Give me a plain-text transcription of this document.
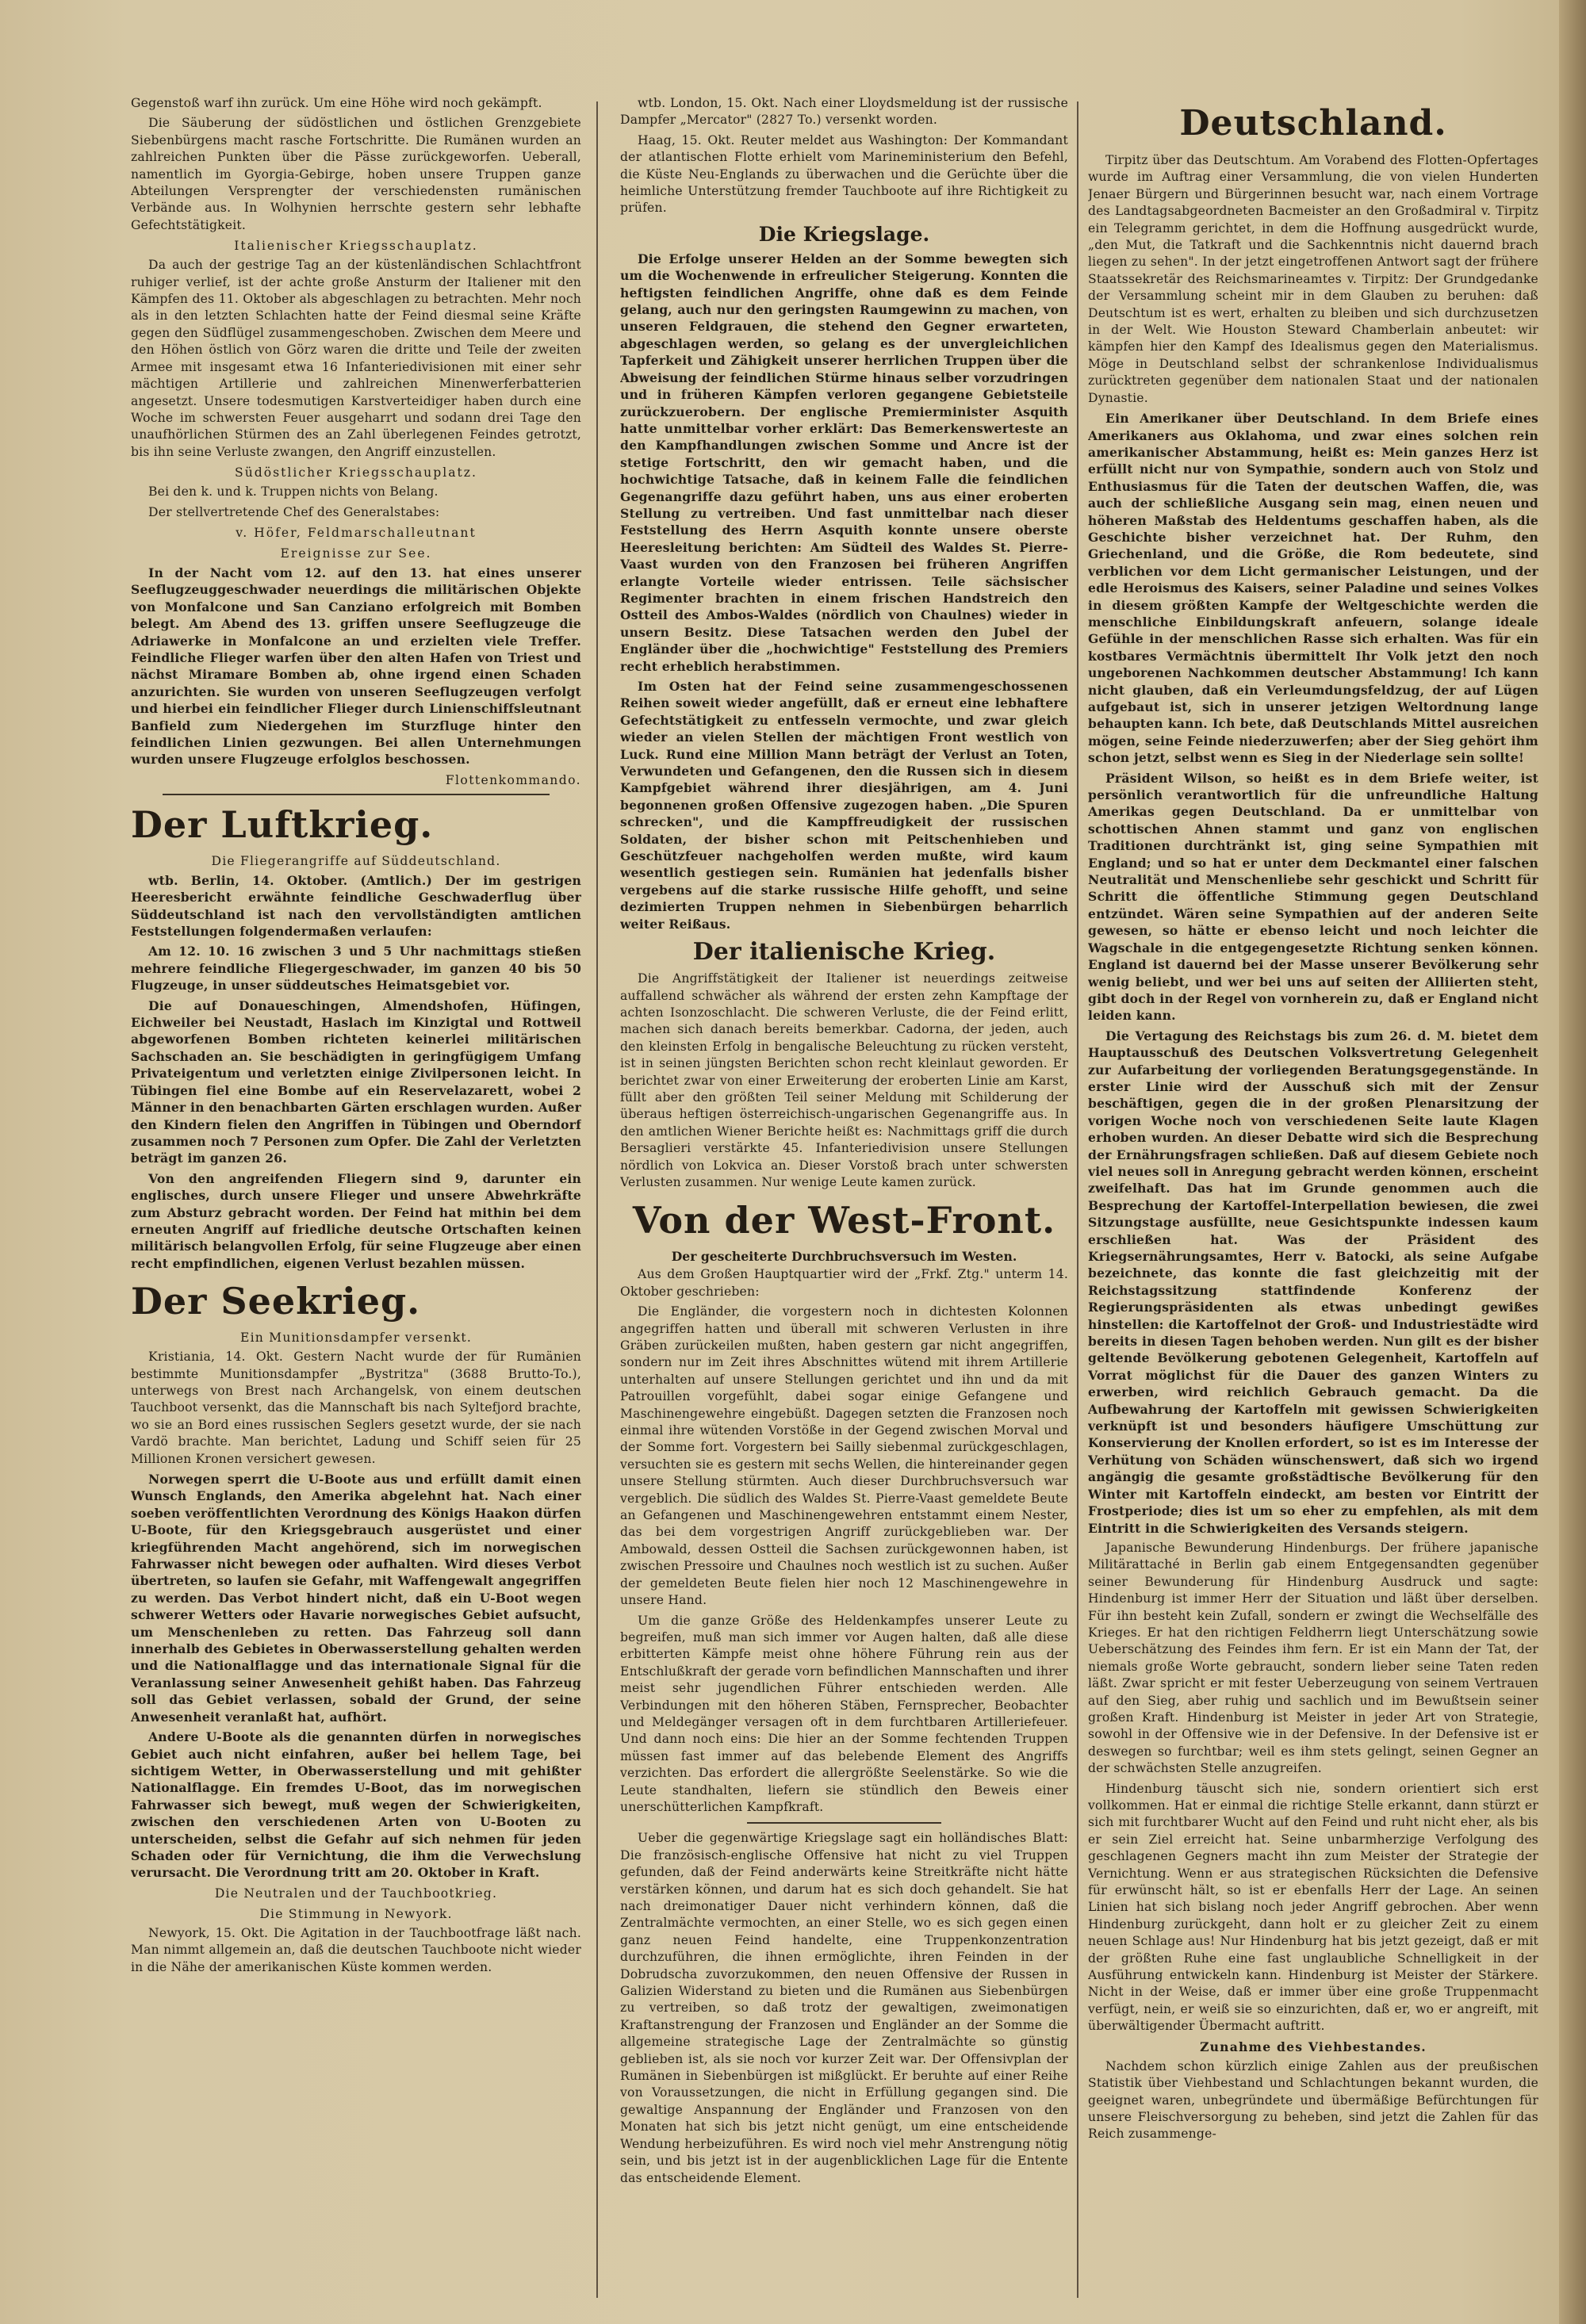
Gegenstoß warf ihn zurück. Um eine Höhe wird noch gekämpft.

Die Säuberung der südöstlichen und östlichen Grenzgebiete Siebenbürgens macht rasche Fortschritte. Die Rumänen wurden an zahlreichen Punkten über die Pässe zurückgeworfen. Ueberall, namentlich im Gyorgia-Gebirge, hoben unsere Truppen ganze Abteilungen Versprengter der verschiedensten rumänischen Verbände aus. In Wolhynien herrschte gestern sehr lebhafte Gefechtstätigkeit.

Italienischer Kriegsschauplatz.

Da auch der gestrige Tag an der küstenländischen Schlachtfront ruhiger verlief, ist der achte große Ansturm der Italiener mit den Kämpfen des 11. Oktober als abgeschlagen zu betrachten. Mehr noch als in den letzten Schlachten hatte der Feind diesmal seine Kräfte gegen den Südflügel zusammengeschoben. Zwischen dem Meere und den Höhen östlich von Görz waren die dritte und Teile der zweiten Armee mit insgesamt etwa 16 Infanteriedivisionen mit einer sehr mächtigen Artillerie und zahlreichen Minenwerferbatterien angesetzt. Unsere todesmutigen Karstverteidiger haben durch eine Woche im schwersten Feuer ausgeharrt und sodann drei Tage den unaufhörlichen Stürmen des an Zahl überlegenen Feindes getrotzt, bis ihn seine Verluste zwangen, den Angriff einzustellen.

Südöstlicher Kriegsschauplatz.

Bei den k. und k. Truppen nichts von Belang.

Der stellvertretende Chef des Generalstabes:

v. Höfer, Feldmarschalleutnant
Ereignisse zur See.

In der Nacht vom 12. auf den 13. hat eines unserer Seeflugzeuggeschwader neuerdings die militärischen Objekte von Monfalcone und San Canziano erfolgreich mit Bomben belegt. Am Abend des 13. griffen unsere Seeflugzeuge die Adriawerke in Monfalcone an und erzielten viele Treffer. Feindliche Flieger warfen über den alten Hafen von Triest und nächst Miramare Bomben ab, ohne irgend einen Schaden anzurichten. Sie wurden von unseren Seeflugzeugen verfolgt und hierbei ein feindlicher Flieger durch Linienschiffsleutnant Banfield zum Niedergehen im Sturzfluge hinter den feindlichen Linien gezwungen. Bei allen Unternehmungen wurden unsere Flugzeuge erfolglos beschossen.

Flottenkommando.
Der Luftkrieg.
Die Fliegerangriffe auf Süddeutschland.

wtb. Berlin, 14. Oktober. (Amtlich.) Der im gestrigen Heeresbericht erwähnte feindliche Geschwaderflug über Süddeutschland ist nach den vervollständigten amtlichen Feststellungen folgendermaßen verlaufen:

Am 12. 10. 16 zwischen 3 und 5 Uhr nachmittags stießen mehrere feindliche Fliegergeschwader, im ganzen 40 bis 50 Flugzeuge, in unser süddeutsches Heimatsgebiet vor.

Die auf Donaueschingen, Almendshofen, Hüfingen, Eichweiler bei Neustadt, Haslach im Kinzigtal und Rottweil abgeworfenen Bomben richteten keinerlei militärischen Sachschaden an. Sie beschädigten in geringfügigem Umfang Privateigentum und verletzten einige Zivilpersonen leicht. In Tübingen fiel eine Bombe auf ein Reservelazarett, wobei 2 Männer in den benachbarten Gärten erschlagen wurden. Außer den Kindern fielen den Angriffen in Tübingen und Oberndorf zusammen noch 7 Personen zum Opfer. Die Zahl der Verletzten beträgt im ganzen 26.

Von den angreifenden Fliegern sind 9, darunter ein englisches, durch unsere Flieger und unsere Abwehrkräfte zum Absturz gebracht worden. Der Feind hat mithin bei dem erneuten Angriff auf friedliche deutsche Ortschaften keinen militärisch belangvollen Erfolg, für seine Flugzeuge aber einen recht empfindlichen, eigenen Verlust bezahlen müssen.

Der Seekrieg.
Ein Munitionsdampfer versenkt.

Kristiania, 14. Okt. Gestern Nacht wurde der für Rumänien bestimmte Munitionsdampfer „Bystritza" (3688 Brutto-To.), unterwegs von Brest nach Archangelsk, von einem deutschen Tauchboot versenkt, das die Mannschaft bis nach Syltefjord brachte, wo sie an Bord eines russischen Seglers gesetzt wurde, der sie nach Vardö brachte. Man berichtet, Ladung und Schiff seien für 25 Millionen Kronen versichert gewesen.

Norwegen sperrt die U-Boote aus und erfüllt damit einen Wunsch Englands, den Amerika abgelehnt hat. Nach einer soeben veröffentlichten Verordnung des Königs Haakon dürfen U-Boote, für den Kriegsgebrauch ausgerüstet und einer kriegführenden Macht angehörend, sich im norwegischen Fahrwasser nicht bewegen oder aufhalten. Wird dieses Verbot übertreten, so laufen sie Gefahr, mit Waffengewalt angegriffen zu werden. Das Verbot hindert nicht, daß ein U-Boot wegen schwerer Wetters oder Havarie norwegisches Gebiet aufsucht, um Menschenleben zu retten. Das Fahrzeug soll dann innerhalb des Gebietes in Oberwasserstellung gehalten werden und die Nationalflagge und das internationale Signal für die Veranlassung seiner Anwesenheit gehißt haben. Das Fahrzeug soll das Gebiet verlassen, sobald der Grund, der seine Anwesenheit veranlaßt hat, aufhört.

Andere U-Boote als die genannten dürfen in norwegisches Gebiet auch nicht einfahren, außer bei hellem Tage, bei sichtigem Wetter, in Oberwasserstellung und mit gehißter Nationalflagge. Ein fremdes U-Boot, das im norwegischen Fahrwasser sich bewegt, muß wegen der Schwierigkeiten, zwischen den verschiedenen Arten von U-Booten zu unterscheiden, selbst die Gefahr auf sich nehmen für jeden Schaden oder für Vernichtung, die ihm die Verwechslung verursacht. Die Verordnung tritt am 20. Oktober in Kraft.

Die Neutralen und der Tauchbootkrieg.
Die Stimmung in Newyork.

Newyork, 15. Okt. Die Agitation in der Tauchbootfrage läßt nach. Man nimmt allgemein an, daß die deutschen Tauchboote nicht wieder in die Nähe der amerikanischen Küste kommen werden.

wtb. London, 15. Okt. Nach einer Lloydsmeldung ist der russische Dampfer „Mercator" (2827 To.) versenkt worden.

Haag, 15. Okt. Reuter meldet aus Washington: Der Kommandant der atlantischen Flotte erhielt vom Marineministerium den Befehl, die Küste Neu-Englands zu überwachen und die Gerüchte über die heimliche Unterstützung fremder Tauchboote auf ihre Richtigkeit zu prüfen.

Die Kriegslage.

Die Erfolge unserer Helden an der Somme bewegten sich um die Wochenwende in erfreulicher Steigerung. Konnten die heftigsten feindlichen Angriffe, ohne daß es dem Feinde gelang, auch nur den geringsten Raumgewinn zu machen, von unseren Feldgrauen, die stehend den Gegner erwarteten, abgeschlagen werden, so gelang es der unvergleichlichen Tapferkeit und Zähigkeit unserer herrlichen Truppen über die Abweisung der feindlichen Stürme hinaus selber vorzudringen und in früheren Kämpfen verloren gegangene Gebietsteile zurückzuerobern. Der englische Premierminister Asquith hatte unmittelbar vorher erklärt: Das Bemerkenswerteste an den Kampfhandlungen zwischen Somme und Ancre ist der stetige Fortschritt, den wir gemacht haben, und die hochwichtige Tatsache, daß in keinem Falle die feindlichen Gegenangriffe dazu geführt haben, uns aus einer eroberten Stellung zu vertreiben. Und fast unmittelbar nach dieser Feststellung des Herrn Asquith konnte unsere oberste Heeresleitung berichten: Am Südteil des Waldes St. Pierre-Vaast wurden von den Franzosen bei früheren Angriffen erlangte Vorteile wieder entrissen. Teile sächsischer Regimenter brachten in einem frischen Handstreich den Ostteil des Ambos-Waldes (nördlich von Chaulnes) wieder in unsern Besitz. Diese Tatsachen werden den Jubel der Engländer über die „hochwichtige" Feststellung des Premiers recht erheblich herabstimmen.

Im Osten hat der Feind seine zusammengeschossenen Reihen soweit wieder angefüllt, daß er erneut eine lebhaftere Gefechtstätigkeit zu entfesseln vermochte, und zwar gleich wieder an vielen Stellen der mächtigen Front westlich von Luck. Rund eine Million Mann beträgt der Verlust an Toten, Verwundeten und Gefangenen, den die Russen sich in diesem Kampfgebiet während ihrer diesjährigen, am 4. Juni begonnenen großen Offensive zugezogen haben. „Die Spuren schrecken", und die Kampffreudigkeit der russischen Soldaten, der bisher schon mit Peitschenhieben und Geschützfeuer nachgeholfen werden mußte, wird kaum wesentlich gestiegen sein. Rumänien hat jedenfalls bisher vergebens auf die starke russische Hilfe gehofft, und seine dezimierten Truppen nehmen in Siebenbürgen beharrlich weiter Reißaus.

Der italienische Krieg.

Die Angriffstätigkeit der Italiener ist neuerdings zeitweise auffallend schwächer als während der ersten zehn Kampftage der achten Isonzoschlacht. Die schweren Verluste, die der Feind erlitt, machen sich danach bereits bemerkbar. Cadorna, der jeden, auch den kleinsten Erfolg in bengalische Beleuchtung zu rücken versteht, ist in seinen jüngsten Berichten schon recht kleinlaut geworden. Er berichtet zwar von einer Erweiterung der eroberten Linie am Karst, füllt aber den größten Teil seiner Meldung mit Schilderung der überaus heftigen österreichisch-ungarischen Gegenangriffe aus. In den amtlichen Wiener Berichte heißt es: Nachmittags griff die durch Bersaglieri verstärkte 45. Infanteriedivision unsere Stellungen nördlich von Lokvica an. Dieser Vorstoß brach unter schwersten Verlusten zusammen. Nur wenige Leute kamen zurück.

Von der West-Front.
Der gescheiterte Durchbruchsversuch im Westen.

Aus dem Großen Hauptquartier wird der „Frkf. Ztg." unterm 14. Oktober geschrieben:

Die Engländer, die vorgestern noch in dichtesten Kolonnen angegriffen hatten und überall mit schweren Verlusten in ihre Gräben zurückeilen mußten, haben gestern gar nicht angegriffen, sondern nur im Zeit ihres Abschnittes wütend mit ihrem Artillerie unterhalten auf unsere Stellungen gerichtet und ihn und da mit Patrouillen vorgefühlt, dabei sogar einige Gefangene und Maschinengewehre eingebüßt. Dagegen setzten die Franzosen noch einmal ihre wütenden Vorstöße in der Gegend zwischen Morval und der Somme fort. Vorgestern bei Sailly siebenmal zurückgeschlagen, versuchten sie es gestern mit sechs Wellen, die hintereinander gegen unsere Stellung stürmten. Auch dieser Durchbruchsversuch war vergeblich. Die südlich des Waldes St. Pierre-Vaast gemeldete Beute an Gefangenen und Maschinengewehren entstammt einem Nester, das bei dem vorgestrigen Angriff zurückgeblieben war. Der Ambowald, dessen Ostteil die Sachsen zurückgewonnen haben, ist zwischen Pressoire und Chaulnes noch westlich ist zu suchen. Außer der gemeldeten Beute fielen hier noch 12 Maschinengewehre in unsere Hand.

Um die ganze Größe des Heldenkampfes unserer Leute zu begreifen, muß man sich immer vor Augen halten, daß alle diese erbitterten Kämpfe meist ohne höhere Führung rein aus der Entschlußkraft der gerade vorn befindlichen Mannschaften und ihrer meist sehr jugendlichen Führer entschieden werden. Alle Verbindungen mit den höheren Stäben, Fernsprecher, Beobachter und Meldegänger versagen oft in dem furchtbaren Artilleriefeuer. Und dann noch eins: Die hier an der Somme fechtenden Truppen müssen fast immer auf das belebende Element des Angriffs verzichten. Das erfordert die allergrößte Seelenstärke. So wie die Leute standhalten, liefern sie stündlich den Beweis einer unerschütterlichen Kampfkraft.

Ueber die gegenwärtige Kriegslage sagt ein holländisches Blatt: Die französisch-englische Offensive hat nicht zu viel Truppen gefunden, daß der Feind anderwärts keine Streitkräfte nicht hätte verstärken können, und darum hat es sich doch gehandelt. Sie hat nach dreimonatiger Dauer nicht verhindern können, daß die Zentralmächte vermochten, an einer Stelle, wo es sich gegen einen ganz neuen Feind handelte, eine Truppenkonzentration durchzuführen, die ihnen ermöglichte, ihren Feinden in der Dobrudscha zuvorzukommen, den neuen Offensive der Russen in Galizien Widerstand zu bieten und die Rumänen aus Siebenbürgen zu vertreiben, so daß trotz der gewaltigen, zweimonatigen Kraftanstrengung der Franzosen und Engländer an der Somme die allgemeine strategische Lage der Zentralmächte so günstig geblieben ist, als sie noch vor kurzer Zeit war. Der Offensivplan der Rumänen in Siebenbürgen ist mißglückt. Er beruhte auf einer Reihe von Voraussetzungen, die nicht in Erfüllung gegangen sind. Die gewaltige Anspannung der Engländer und Franzosen von den Monaten hat sich bis jetzt nicht genügt, um eine entscheidende Wendung herbeizuführen. Es wird noch viel mehr Anstrengung nötig sein, und bis jetzt ist in der augenblicklichen Lage für die Entente das entscheidende Element.

Deutschland.

Tirpitz über das Deutschtum. Am Vorabend des Flotten-Opfertages wurde im Auftrag einer Versammlung, die von vielen Hunderten Jenaer Bürgern und Bürgerinnen besucht war, nach einem Vortrage des Landtagsabgeordneten Bacmeister an den Großadmiral v. Tirpitz ein Telegramm gerichtet, in dem die Hoffnung ausgedrückt wurde, „den Mut, die Tatkraft und die Sachkenntnis nicht dauernd brach liegen zu sehen". In der jetzt eingetroffenen Antwort sagt der frühere Staatssekretär des Reichsmarineamtes v. Tirpitz: Der Grundgedanke der Versammlung scheint mir in dem Glauben zu beruhen: daß Deutschtum ist es wert, erhalten zu bleiben und sich durchzusetzen in der Welt. Wie Houston Steward Chamberlain anbeutet: wir kämpfen hier den Kampf des Idealismus gegen den Materialismus. Möge in Deutschland selbst der schrankenlose Individualismus zurücktreten gegenüber dem nationalen Staat und der nationalen Dynastie.

Ein Amerikaner über Deutschland. In dem Briefe eines Amerikaners aus Oklahoma, und zwar eines solchen rein amerikanischer Abstammung, heißt es: Mein ganzes Herz ist erfüllt nicht nur von Sympathie, sondern auch von Stolz und Enthusiasmus für die Taten der deutschen Waffen, die, was auch der schließliche Ausgang sein mag, einen neuen und höheren Maßstab des Heldentums geschaffen haben, als die Geschichte bisher verzeichnet hat. Der Ruhm, den Griechenland, und die Größe, die Rom bedeutete, sind verblichen vor dem Licht germanischer Leistungen, und der edle Heroismus des Kaisers, seiner Paladine und seines Volkes in diesem größten Kampfe der Weltgeschichte werden die menschliche Einbildungskraft anfeuern, solange ideale Gefühle in der menschlichen Rasse sich erhalten. Was für ein kostbares Vermächtnis übermittelt Ihr Volk jetzt den noch ungeborenen Nachkommen deutscher Abstammung! Ich kann nicht glauben, daß ein Verleumdungsfeldzug, der auf Lügen aufgebaut ist, sich in unserer jetzigen Weltordnung lange behaupten kann. Ich bete, daß Deutschlands Mittel ausreichen mögen, seine Feinde niederzuwerfen; aber der Sieg gehört ihm schon jetzt, selbst wenn es Sieg in der Niederlage sein sollte!

Präsident Wilson, so heißt es in dem Briefe weiter, ist persönlich verantwortlich für die unfreundliche Haltung Amerikas gegen Deutschland. Da er unmittelbar von schottischen Ahnen stammt und ganz von englischen Traditionen durchtränkt ist, ging seine Sympathien mit England; und so hat er unter dem Deckmantel einer falschen Neutralität und Menschenliebe sehr geschickt und Schritt für Schritt die öffentliche Stimmung gegen Deutschland entzündet. Wären seine Sympathien auf der anderen Seite gewesen, so hätte er ebenso leicht und noch leichter die Wagschale in die entgegengesetzte Richtung senken können. England ist dauernd bei der Masse unserer Bevölkerung sehr wenig beliebt, und wer bei uns auf seiten der Alliierten steht, gibt doch in der Regel von vornherein zu, daß er England nicht leiden kann.

Die Vertagung des Reichstags bis zum 26. d. M. bietet dem Hauptausschuß des Deutschen Volksvertretung Gelegenheit zur Aufarbeitung der vorliegenden Beratungsgegenstände. In erster Linie wird der Ausschuß sich mit der Zensur beschäftigen, gegen die in der großen Plenarsitzung der vorigen Woche noch von verschiedenen Seite laute Klagen erhoben wurden. An dieser Debatte wird sich die Besprechung der Ernährungsfragen schließen. Daß auf diesem Gebiete noch viel neues soll in Anregung gebracht werden können, erscheint zweifelhaft. Das hat im Grunde genommen auch die Besprechung der Kartoffel-Interpellation bewiesen, die zwei Sitzungstage ausfüllte, neue Gesichtspunkte indessen kaum erschließen hat. Was der Präsident des Kriegsernährungsamtes, Herr v. Batocki, als seine Aufgabe bezeichnete, das konnte die fast gleichzeitig mit der Reichstagssitzung stattfindende Konferenz der Regierungspräsidenten als etwas unbedingt gewißes hinstellen: die Kartoffelnot der Groß- und Industriestädte wird bereits in diesen Tagen behoben werden. Nun gilt es der bisher geltende Bevölkerung gebotenen Gelegenheit, Kartoffeln auf Vorrat möglichst für die Dauer des ganzen Winters zu erwerben, wird reichlich Gebrauch gemacht. Da die Aufbewahrung der Kartoffeln mit gewissen Schwierigkeiten verknüpft ist und besonders häufigere Umschüttung zur Konservierung der Knollen erfordert, so ist es im Interesse der Verhütung von Schäden wünschenswert, daß sich wo irgend angängig die gesamte großstädtische Bevölkerung für den Winter mit Kartoffeln eindeckt, am besten vor Eintritt der Frostperiode; dies ist um so eher zu empfehlen, als mit dem Eintritt in die Schwierigkeiten des Versands steigern.

Japanische Bewunderung Hindenburgs. Der frühere japanische Militärattaché in Berlin gab einem Entgegensandten gegenüber seiner Bewunderung für Hindenburg Ausdruck und sagte: Hindenburg ist immer Herr der Situation und läßt über derselben. Für ihn besteht kein Zufall, sondern er zwingt die Wechselfälle des Krieges. Er hat den richtigen Feldherrn liegt Unterschätzung sowie Ueberschätzung des Feindes ihm fern. Er ist ein Mann der Tat, der niemals große Worte gebraucht, sondern lieber seine Taten reden läßt. Zwar spricht er mit fester Ueberzeugung von seinem Vertrauen auf den Sieg, aber ruhig und sachlich und im Bewußtsein seiner großen Kraft. Hindenburg ist Meister in jeder Art von Strategie, sowohl in der Offensive wie in der Defensive. In der Defensive ist er deswegen so furchtbar; weil es ihm stets gelingt, seinen Gegner an der schwächsten Stelle anzugreifen.

Hindenburg täuscht sich nie, sondern orientiert sich erst vollkommen. Hat er einmal die richtige Stelle erkannt, dann stürzt er sich mit furchtbarer Wucht auf den Feind und ruht nicht eher, als bis er sein Ziel erreicht hat. Seine unbarmherzige Verfolgung des geschlagenen Gegners macht ihn zum Meister der Strategie der Vernichtung. Wenn er aus strategischen Rücksichten die Defensive für erwünscht hält, so ist er ebenfalls Herr der Lage. An seinen Linien hat sich bislang noch jeder Angriff gebrochen. Aber wenn Hindenburg zurückgeht, dann holt er zu gleicher Zeit zu einem neuen Schlage aus! Nur Hindenburg hat bis jetzt gezeigt, daß er mit der größten Ruhe eine fast unglaubliche Schnelligkeit in der Ausführung entwickeln kann. Hindenburg ist Meister der Stärkere. Nicht in der Weise, daß er immer über eine große Truppenmacht verfügt, nein, er weiß sie so einzurichten, daß er, wo er angreift, mit überwältigender Übermacht auftritt.

Zunahme des Viehbestandes.

Nachdem schon kürzlich einige Zahlen aus der preußischen Statistik über Viehbestand und Schlachtungen bekannt wurden, die geeignet waren, unbegründete und übermäßige Befürchtungen für unsere Fleischversorgung zu beheben, sind jetzt die Zahlen für das Reich zusammenge-
